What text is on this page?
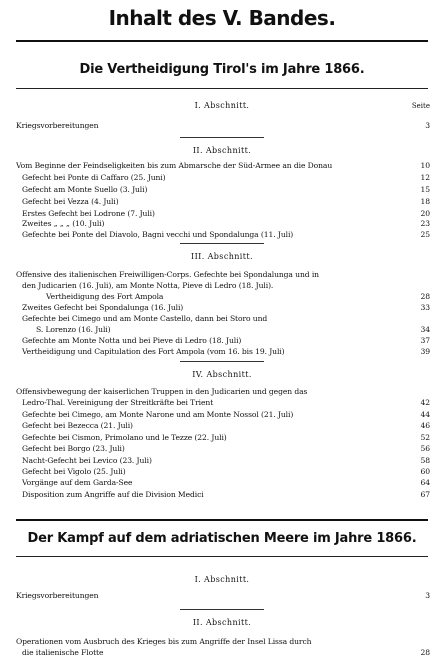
Inhalt des V. Bandes.
Die Vertheidigung Tirol's im Jahre 1866.
I. Abschnitt.	Seite
Kriegsvorbereitungen	3
II. Abschnitt.
Vom Beginne der Feindseligkeiten bis zum Abmarsche der Süd-Armee an die Donau	10
Gefecht bei Ponte di Caffaro (25. Juni)	12
Gefecht am Monte Suello (3. Juli)	15
Gefecht bei Vezza (4. Juli)	18
Erstes Gefecht bei Lodrone (7. Juli)	20
Zweites „ „ „ (10. Juli)	23
Gefechte bei Ponte del Diavolo, Bagni vecchi und Spondalunga (11. Juli)	25
III. Abschnitt.
Offensive des italienischen Freiwilligen-Corps. Gefechte bei Spondalunga und in
den Judicarien (16. Juli), am Monte Notta, Pieve di Ledro (18. Juli).
Vertheidigung des Fort Ampola	28
Zweites Gefecht bei Spondalunga (16. Juli)	33
Gefechte bei Cimego und am Monte Castello, dann bei Storo und
S. Lorenzo (16. Juli)	34
Gefechte am Monte Notta und bei Pieve di Ledro (18. Juli)	37
Vertheidigung und Capitulation des Fort Ampola (vom 16. bis 19. Juli)	39
IV. Abschnitt.
Offensivbewegung der kaiserlichen Truppen in den Judicarien und gegen das
Ledro-Thal. Vereinigung der Streitkräfte bei Trient	42
Gefechte bei Cimego, am Monte Narone und am Monte Nossol (21. Juli)	44
Gefecht bei Bezecca (21. Juli)	46
Gefechte bei Cismon, Primolano und le Tezze (22. Juli)	52
Gefecht bei Borgo (23. Juli)	56
Nacht-Gefecht bei Levico (23. Juli)	58
Gefecht bei Vigolo (25. Juli)	60
Vorgänge auf dem Garda-See	64
Disposition zum Angriffe auf die Division Medici	67
Der Kampf auf dem adriatischen Meere im Jahre 1866.
I. Abschnitt.
Kriegsvorbereitungen	3
II. Abschnitt.
Operationen vom Ausbruch des Krieges bis zum Angriffe der Insel Lissa durch
die italienische Flotte	28
